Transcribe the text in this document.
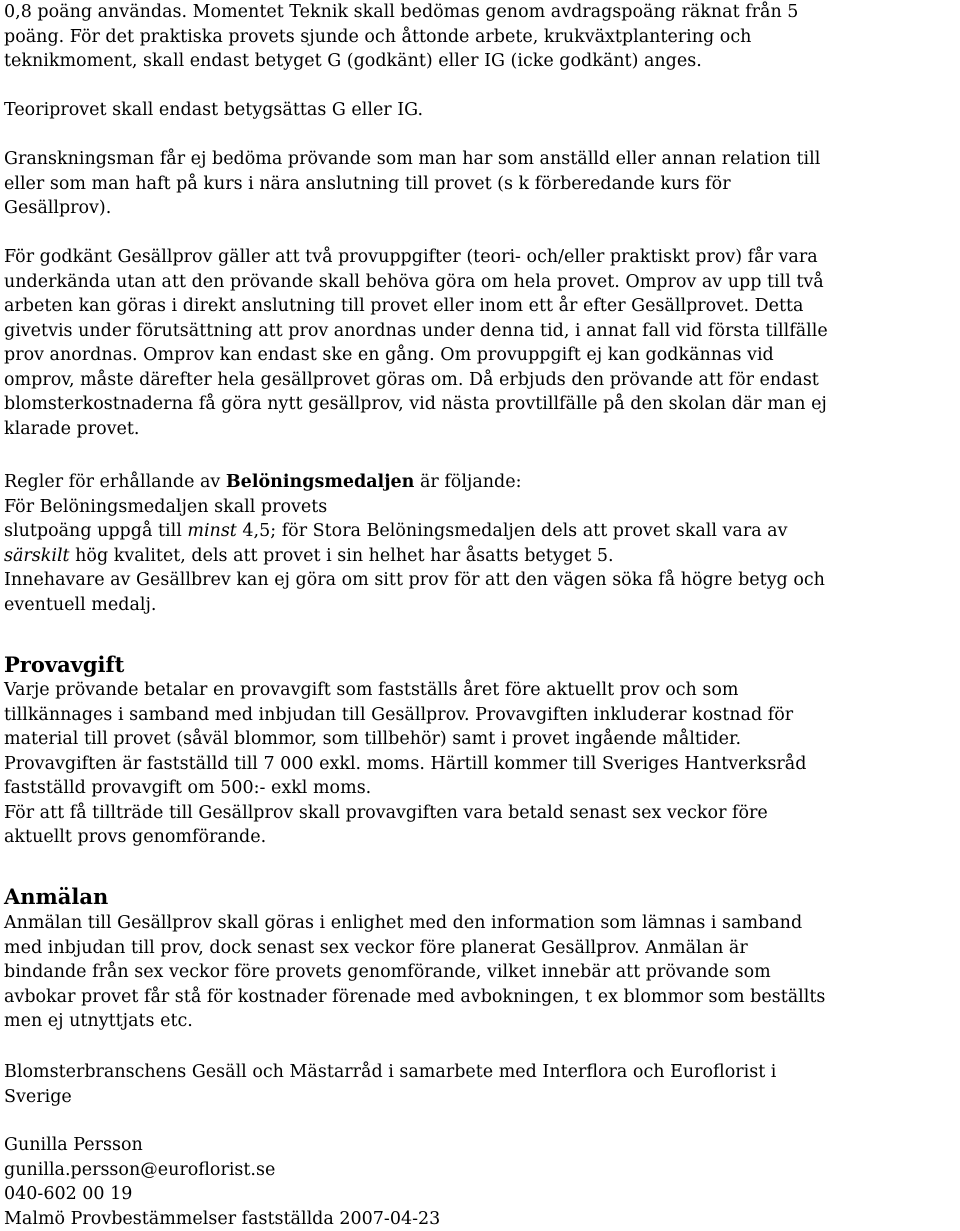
0,8 poäng användas. Momentet Teknik skall bedömas genom avdragspoäng räknat från 5
poäng. För det praktiska provets sjunde och åttonde arbete, krukväxtplantering och
teknikmoment, skall endast betyget G (godkänt) eller IG (icke godkänt) anges.
Teoriprovet skall endast betygsättas G eller IG.
Granskningsman får ej bedöma prövande som man har som anställd eller annan relation till
eller som man haft på kurs i nära anslutning till provet (s k förberedande kurs för
Gesällprov).
För godkänt Gesällprov gäller att två provuppgifter (teori- och/eller praktiskt prov) får vara
underkända utan att den prövande skall behöva göra om hela provet. Omprov av upp till två
arbeten kan göras i direkt anslutning till provet eller inom ett år efter Gesällprovet. Detta
givetvis under förutsättning att prov anordnas under denna tid, i annat fall vid första tillfälle
prov anordnas. Omprov kan endast ske en gång. Om provuppgift ej kan godkännas vid
omprov, måste därefter hela gesällprovet göras om. Då erbjuds den prövande att för endast
blomsterkostnaderna få göra nytt gesällprov, vid nästa provtillfälle på den skolan där man ej
klarade provet.
Regler för erhållande av Belöningsmedaljen är följande:
För Belöningsmedaljen skall provets
slutpoäng uppgå till minst 4,5; för Stora Belöningsmedaljen dels att provet skall vara av
särskilt hög kvalitet, dels att provet i sin helhet har åsatts betyget 5.
Innehavare av Gesällbrev kan ej göra om sitt prov för att den vägen söka få högre betyg och
eventuell medalj.
Provavgift
Varje prövande betalar en provavgift som fastställs året före aktuellt prov och som
tillkännages i samband med inbjudan till Gesällprov. Provavgiften inkluderar kostnad för
material till provet (såväl blommor, som tillbehör) samt i provet ingående måltider.
Provavgiften är fastställd till 7 000 exkl. moms. Härtill kommer till Sveriges Hantverksråd
fastställd provavgift om 500:- exkl moms.
För att få tillträde till Gesällprov skall provavgiften vara betald senast sex veckor före
aktuellt provs genomförande.
Anmälan
Anmälan till Gesällprov skall göras i enlighet med den information som lämnas i samband
med inbjudan till prov, dock senast sex veckor före planerat Gesällprov. Anmälan är
bindande från sex veckor före provets genomförande, vilket innebär att prövande som
avbokar provet får stå för kostnader förenade med avbokningen, t ex blommor som beställts
men ej utnyttjats etc.
Blomsterbranschens Gesäll och Mästarråd i samarbete med Interflora och Euroflorist i
Sverige
Gunilla Persson
gunilla.persson@euroflorist.se
040-602 00 19
Malmö Provbestämmelser fastställda 2007-04-23
